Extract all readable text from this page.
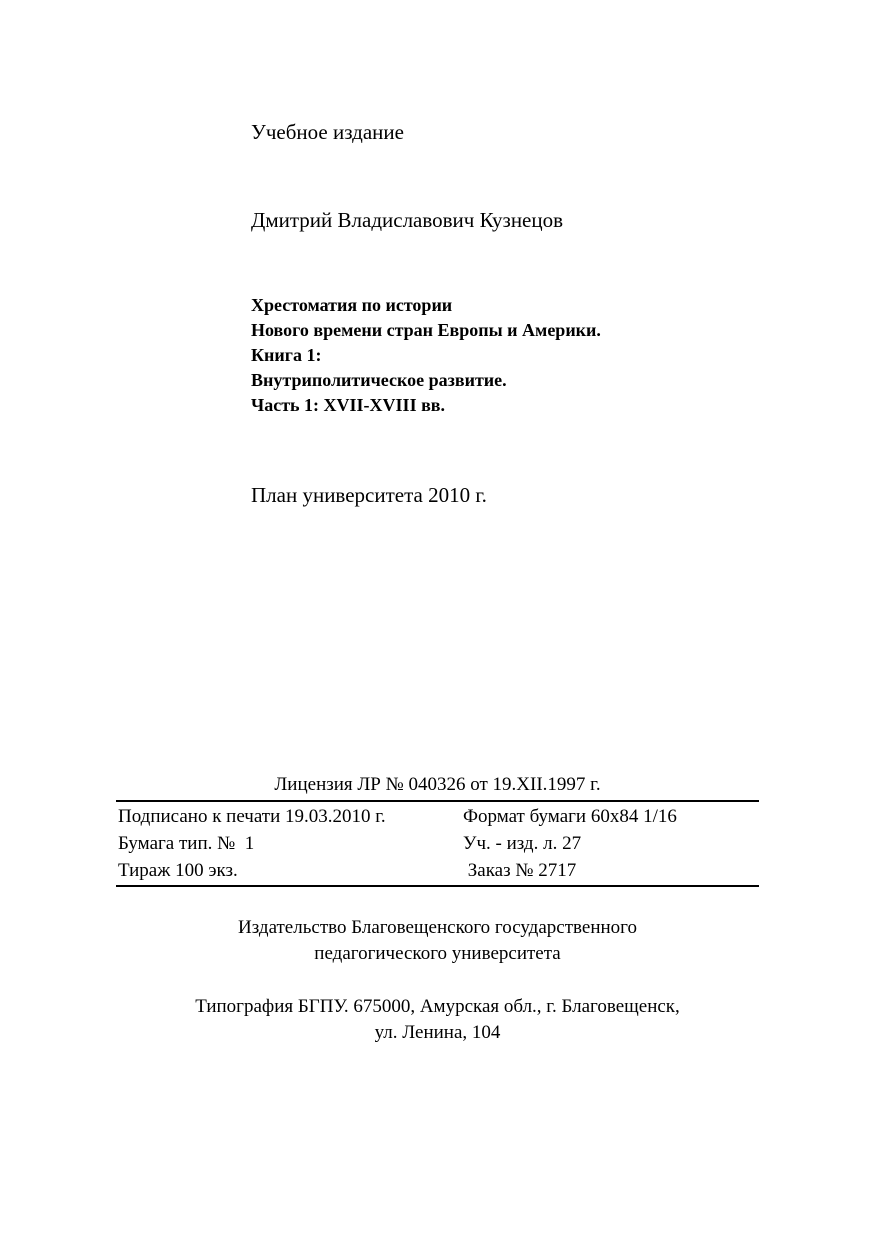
Учебное издание
Дмитрий Владиславович Кузнецов
Хрестоматия по истории
Нового времени стран Европы и Америки.
Книга 1:
Внутриполитическое развитие.
Часть 1: XVII-XVIII вв.
План университета 2010 г.
Лицензия ЛР № 040326 от 19.XII.1997 г.
Подписано к печати 19.03.2010 г.	Формат бумаги 60x84 1/16
Бумага тип. №  1	Уч. - изд. л. 27
Тираж 100 экз.	Заказ № 2717
Издательство Благовещенского государственного
педагогического университета
Типография БГПУ. 675000, Амурская обл., г. Благовещенск,
ул. Ленина, 104
